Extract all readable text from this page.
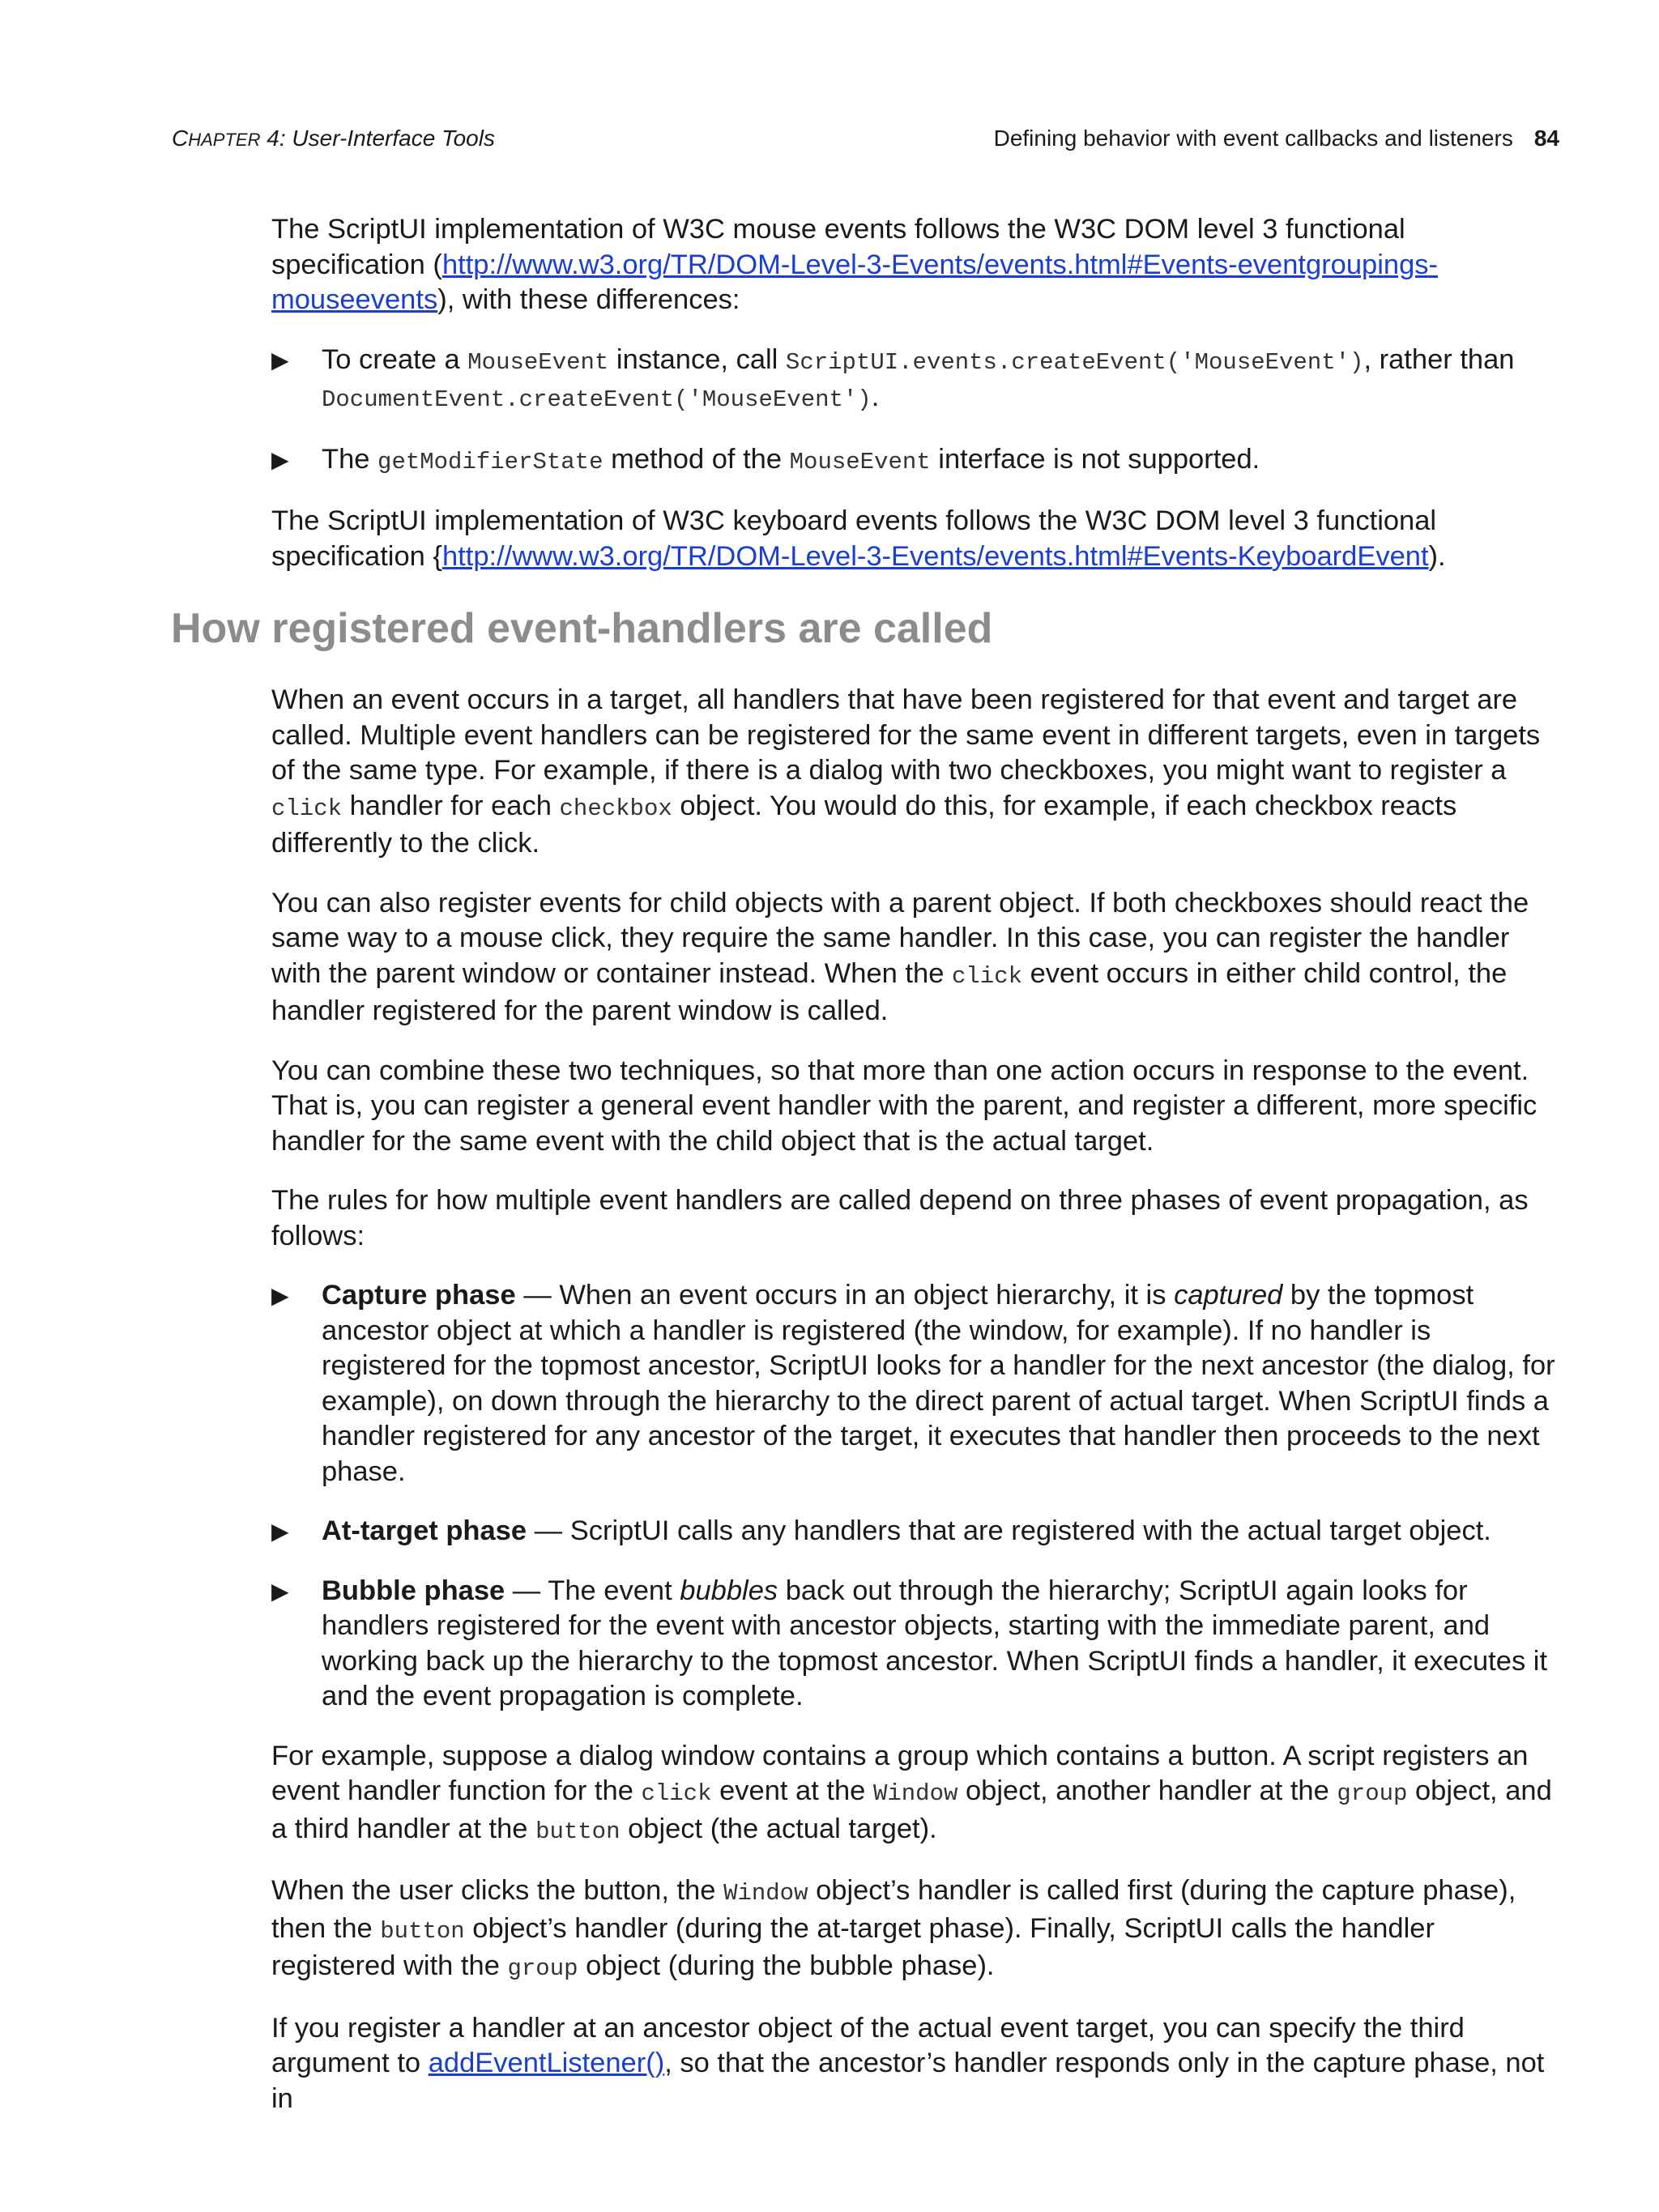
CHAPTER 4: User-Interface Tools	Defining behavior with event callbacks and listeners 84

The ScriptUI implementation of W3C mouse events follows the W3C DOM level 3 functional specification (http://www.w3.org/TR/DOM-Level-3-Events/events.html#Events-eventgroupings-mouseevents), with these differences:

▶ To create a MouseEvent instance, call ScriptUI.events.createEvent('MouseEvent'), rather than DocumentEvent.createEvent('MouseEvent').
▶ The getModifierState method of the MouseEvent interface is not supported.

The ScriptUI implementation of W3C keyboard events follows the W3C DOM level 3 functional specification {http://www.w3.org/TR/DOM-Level-3-Events/events.html#Events-KeyboardEvent).

How registered event-handlers are called

When an event occurs in a target, all handlers that have been registered for that event and target are called. Multiple event handlers can be registered for the same event in different targets, even in targets of the same type. For example, if there is a dialog with two checkboxes, you might want to register a click handler for each checkbox object. You would do this, for example, if each checkbox reacts differently to the click.

You can also register events for child objects with a parent object. If both checkboxes should react the same way to a mouse click, they require the same handler. In this case, you can register the handler with the parent window or container instead. When the click event occurs in either child control, the handler registered for the parent window is called.

You can combine these two techniques, so that more than one action occurs in response to the event. That is, you can register a general event handler with the parent, and register a different, more specific handler for the same event with the child object that is the actual target.

The rules for how multiple event handlers are called depend on three phases of event propagation, as follows:

▶ Capture phase — When an event occurs in an object hierarchy, it is captured by the topmost ancestor object at which a handler is registered (the window, for example). If no handler is registered for the topmost ancestor, ScriptUI looks for a handler for the next ancestor (the dialog, for example), on down through the hierarchy to the direct parent of actual target. When ScriptUI finds a handler registered for any ancestor of the target, it executes that handler then proceeds to the next phase.
▶ At-target phase — ScriptUI calls any handlers that are registered with the actual target object.
▶ Bubble phase — The event bubbles back out through the hierarchy; ScriptUI again looks for handlers registered for the event with ancestor objects, starting with the immediate parent, and working back up the hierarchy to the topmost ancestor. When ScriptUI finds a handler, it executes it and the event propagation is complete.

For example, suppose a dialog window contains a group which contains a button. A script registers an event handler function for the click event at the Window object, another handler at the group object, and a third handler at the button object (the actual target).

When the user clicks the button, the Window object’s handler is called first (during the capture phase), then the button object’s handler (during the at-target phase). Finally, ScriptUI calls the handler registered with the group object (during the bubble phase).

If you register a handler at an ancestor object of the actual event target, you can specify the third argument to addEventListener(), so that the ancestor’s handler responds only in the capture phase, not in
